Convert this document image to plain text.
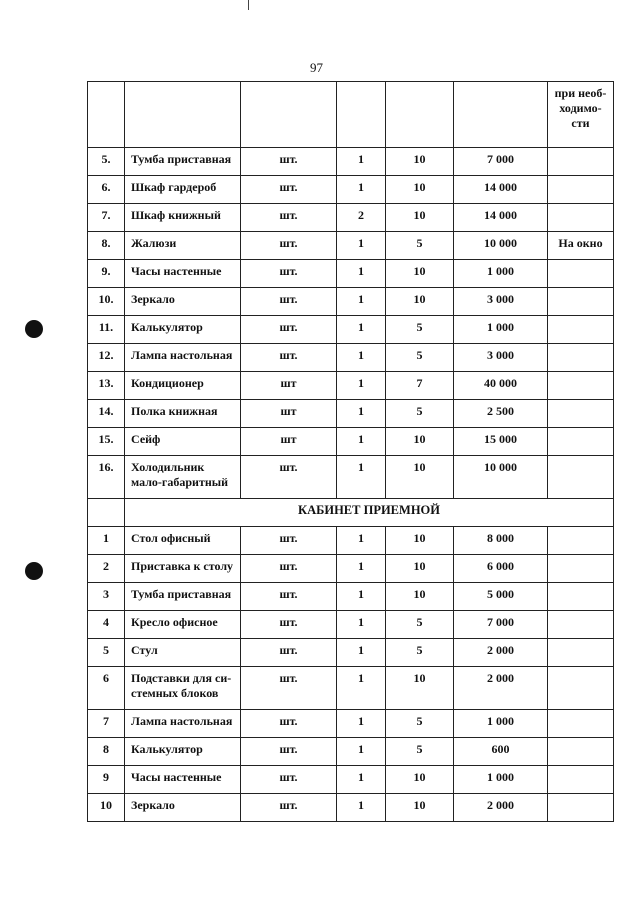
97
						при необ-ходимо-сти
5.	Тумба приставная	шт.	1	10	7 000	
6.	Шкаф гардероб	шт.	1	10	14 000	
7.	Шкаф книжный	шт.	2	10	14 000	
8.	Жалюзи	шт.	1	5	10 000	На окно
9.	Часы настенные	шт.	1	10	1 000	
10.	Зеркало	шт.	1	10	3 000	
11.	Калькулятор	шт.	1	5	1 000	
12.	Лампа настольная	шт.	1	5	3 000	
13.	Кондиционер	шт	1	7	40 000	
14.	Полка книжная	шт	1	5	2 500	
15.	Сейф	шт	1	10	15 000	
16.	Холодильник мало-габаритный	шт.	1	10	10 000	
	КАБИНЕТ ПРИЕМНОЙ					
1	Стол офисный	шт.	1	10	8 000	
2	Приставка к столу	шт.	1	10	6 000	
3	Тумба приставная	шт.	1	10	5 000	
4	Кресло офисное	шт.	1	5	7 000	
5	Стул	шт.	1	5	2 000	
6	Подставки для си-стемных блоков	шт.	1	10	2 000	
7	Лампа настольная	шт.	1	5	1 000	
8	Калькулятор	шт.	1	5	600	
9	Часы настенные	шт.	1	10	1 000	
10	Зеркало	шт.	1	10	2 000	
